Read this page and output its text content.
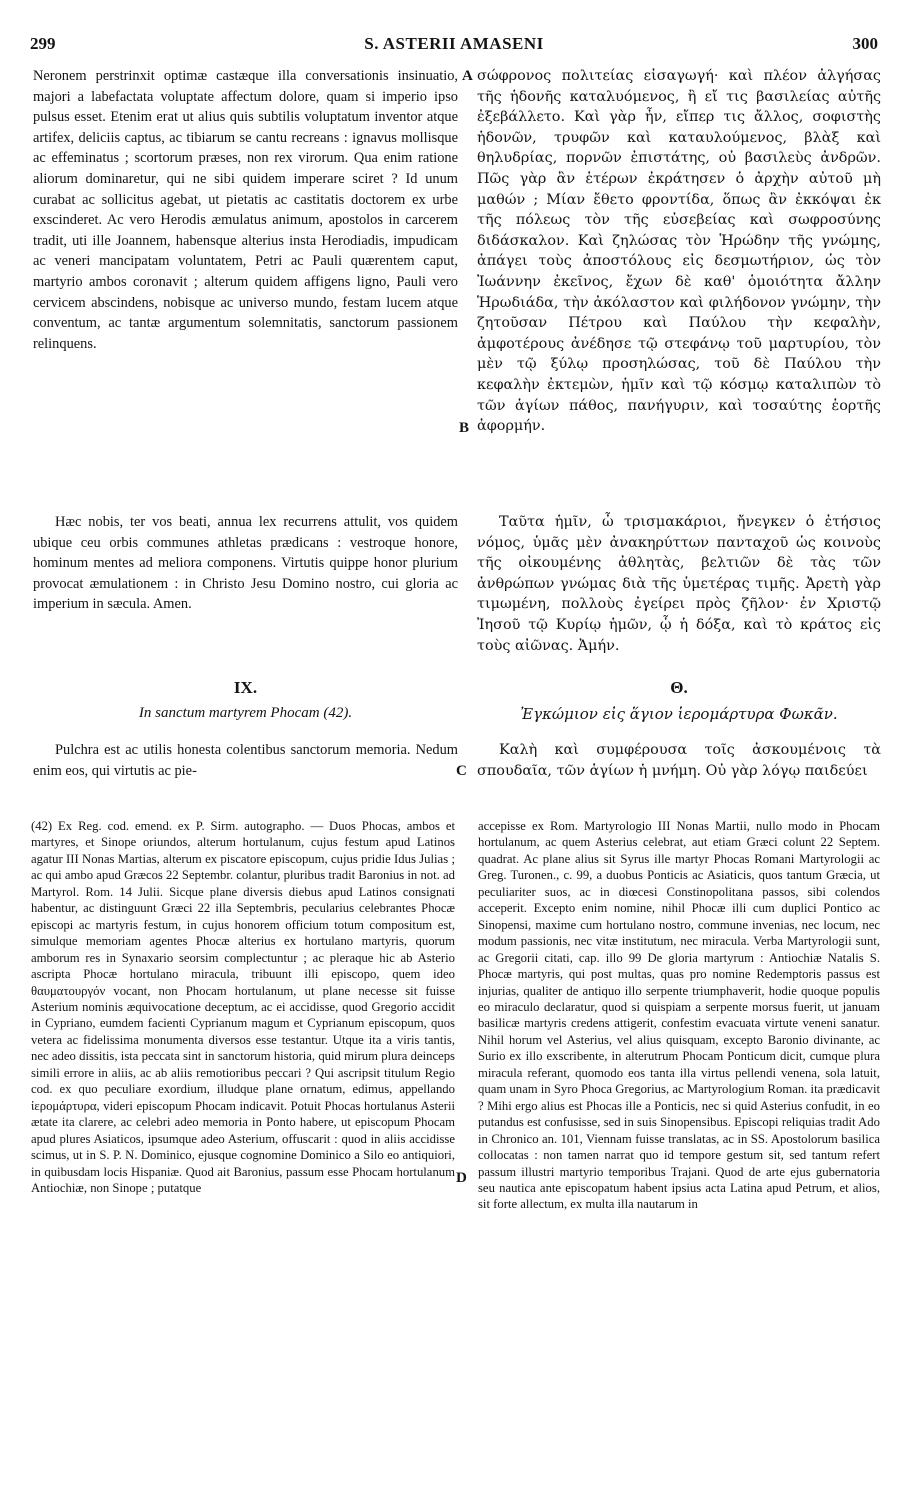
299	S. ASTERII AMASENI	300

Neronem perstrinxit optimæ castæque illa conversationis insinuatio, majori a labefactata voluptate affectum dolore, quam si imperio ipso pulsus esset. Etenim erat ut alius quis subtilis voluptatum inventor atque artifex, deliciis captus, ac tibiarum se cantu recreans : ignavus mollisque ac effeminatus ; scortorum præses, non rex virorum. Qua enim ratione aliorum dominaretur, qui ne sibi quidem imperare sciret ? Id unum curabat ac sollicitus agebat, ut pietatis ac castitatis doctorem ex urbe exscinderet. Ac vero Herodis æmulatus animum, apostolos in carcerem tradit, uti ille Joannem, habensque alterius insta Herodiadis, impudicam ac veneri mancipatam voluntatem, Petri ac Pauli quærentem caput, martyrio ambos coronavit ; alterum quidem affigens ligno, Pauli vero cervicem abscindens, nobisque ac universo mundo, festam lucem atque conventum, ac tantæ argumentum solemnitatis, sanctorum passionem relinquens.

Hæc nobis, ter vos beati, annua lex recurrens attulit, vos quidem ubique ceu orbis communes athletas prædicans : vestroque honore, hominum mentes ad meliora componens. Virtutis quippe honor plurium provocat æmulationem : in Christo Jesu Domino nostro, cui gloria ac imperium in sæcula. Amen.

IX.
In sanctum martyrem Phocam (42).

Pulchra est ac utilis honesta colentibus sanctorum memoria. Nedum enim eos, qui virtutis ac pie-

A
B
C
D

σώφρονος πολιτείας εἰσαγωγή· καὶ πλέον ἀλγήσας τῆς ἡδονῆς καταλυόμενος, ἢ εἴ τις βασιλείας αὐτῆς ἐξεβάλλετο. Καὶ γὰρ ἦν, εἴπερ τις ἄλλος, σοφιστὴς ἡδονῶν, τρυφῶν καὶ καταυλούμενος, βλὰξ καὶ θηλυδρίας, πορνῶν ἐπιστάτης, οὐ βασιλεὺς ἀνδρῶν. Πῶς γὰρ ἂν ἑτέρων ἐκράτησεν ὁ ἀρχὴν αὐτοῦ μὴ μαθών ; Μίαν ἔθετο φροντίδα, ὅπως ἂν ἐκκόψαι ἐκ τῆς πόλεως τὸν τῆς εὐσεβείας καὶ σωφροσύνης διδάσκαλον. Καὶ ζηλώσας τὸν Ἡρώδην τῆς γνώμης, ἀπάγει τοὺς ἀποστόλους εἰς δεσμωτήριον, ὡς τὸν Ἰωάννην ἐκεῖνος, ἔχων δὲ καθ' ὁμοιότητα ἄλλην Ἡρωδιάδα, τὴν ἀκόλαστον καὶ φιλήδονον γνώμην, τὴν ζητοῦσαν Πέτρου καὶ Παύλου τὴν κεφαλὴν, ἀμφοτέρους ἀνέδησε τῷ στεφάνῳ τοῦ μαρτυρίου, τὸν μὲν τῷ ξύλῳ προσηλώσας, τοῦ δὲ Παύλου τὴν κεφαλὴν ἐκτεμὼν, ἡμῖν καὶ τῷ κόσμῳ καταλιπὼν τὸ τῶν ἁγίων πάθος, πανήγυριν, καὶ τοσαύτης ἑορτῆς ἀφορμήν.

Ταῦτα ἡμῖν, ὦ τρισμακάριοι, ἤνεγκεν ὁ ἐτήσιος νόμος, ὑμᾶς μὲν ἀνακηρύττων πανταχοῦ ὡς κοινοὺς τῆς οἰκουμένης ἀθλητὰς, βελτιῶν δὲ τὰς τῶν ἀνθρώπων γνώμας διὰ τῆς ὑμετέρας τιμῆς. Ἀρετὴ γὰρ τιμωμένη, πολλοὺς ἐγείρει πρὸς ζῆλον· ἐν Χριστῷ Ἰησοῦ τῷ Κυρίῳ ἡμῶν, ᾧ ἡ δόξα, καὶ τὸ κράτος εἰς τοὺς αἰῶνας. Ἀμήν.

Θ.
Ἐγκώμιον εἰς ἅγιον ἱερομάρτυρα Φωκᾶν.

Καλὴ καὶ συμφέρουσα τοῖς ἀσκουμένοις τὰ σπουδαῖα, τῶν ἁγίων ἡ μνήμη. Οὐ γὰρ λόγῳ παιδεύει

(42) Ex Reg. cod. emend. ex P. Sirm. autographo. — Duos Phocas, ambos et martyres, et Sinope oriundos, alterum hortulanum, cujus festum apud Latinos agatur III Nonas Martias, alterum ex piscatore episcopum, cujus pridie Idus Julias ; ac qui ambo apud Græcos 22 Septembr. colantur, pluribus tradit Baronius in not. ad Martyrol. Rom. 14 Julii. Sicque plane diversis diebus apud Latinos consignati habentur, ac distinguunt Græci 22 illa Septembris, pecularius celebrantes Phocæ episcopi ac martyris festum, in cujus honorem officium totum compositum est, simulque memoriam agentes Phocæ alterius ex hortulano martyris, quorum amborum res in Synaxario seorsim complectuntur ; ac pleraque hic ab Asterio ascripta Phocæ hortulano miracula, tribuunt illi episcopo, quem ideo θαυματουργόν vocant, non Phocam hortulanum, ut plane necesse sit fuisse Asterium nominis æquivocatione deceptum, ac ei accidisse, quod Gregorio accidit in Cypriano, eumdem facienti Cyprianum magum et Cyprianum episcopum, quos vetera ac fidelissima monumenta diversos esse testantur. Utque ita a viris tantis, nec adeo dissitis, ista peccata sint in sanctorum historia, quid mirum plura deinceps simili errore in aliis, ac ab aliis remotioribus peccari ? Qui ascripsit titulum Regio cod. ex quo peculiare exordium, illudque plane ornatum, edimus, appellando ἱερομάρτυρα, videri episcopum Phocam indicavit. Potuit Phocas hortulanus Asterii ætate ita clarere, ac celebri adeo memoria in Ponto habere, ut episcopum Phocam apud plures Asiaticos, ipsumque adeo Asterium, offuscarit : quod in aliis accidisse scimus, ut in S. P. N. Dominico, ejusque cognomine Dominico a Silo eo antiquiori, in quibusdam locis Hispaniæ. Quod ait Baronius, passum esse Phocam hortulanum Antiochiæ, non Sinope ; putatque

accepisse ex Rom. Martyrologio III Nonas Martii, nullo modo in Phocam hortulanum, ac quem Asterius celebrat, aut etiam Græci colunt 22 Septem. quadrat. Ac plane alius sit Syrus ille martyr Phocas Romani Martyrologii ac Greg. Turonen., c. 99, a duobus Ponticis ac Asiaticis, quos tantum Græcia, ut peculiariter suos, ac in diœcesi Constinopolitana passos, sibi colendos acceperit. Excepto enim nomine, nihil Phocæ illi cum duplici Pontico ac Sinopensi, maxime cum hortulano nostro, commune invenias, nec locum, nec modum passionis, nec vitæ institutum, nec miracula. Verba Martyrologii sunt, ac Gregorii citati, cap. illo 99 De gloria martyrum : Antiochiæ Natalis S. Phocæ martyris, qui post multas, quas pro nomine Redemptoris passus est injurias, qualiter de antiquo illo serpente triumphaverit, hodie quoque populis eo miraculo declaratur, quod si quispiam a serpente morsus fuerit, ut januam basilicæ martyris credens attigerit, confestim evacuata virtute veneni sanatur. Nihil horum vel Asterius, vel alius quisquam, excepto Baronio divinante, ac Surio ex illo exscribente, in alterutrum Phocam Ponticum dicit, cumque plura miracula referant, quomodo eos tanta illa virtus pellendi venena, sola latuit, quam unam in Syro Phoca Gregorius, ac Martyrologium Roman. ita prædicavit ? Mihi ergo alius est Phocas ille a Ponticis, nec si quid Asterius confudit, in eo putandus est confusisse, sed in suis Sinopensibus. Episcopi reliquias tradit Ado in Chronico an. 101, Viennam fuisse translatas, ac in SS. Apostolorum basilica collocatas : non tamen narrat quo id tempore gestum sit, sed tantum refert passum illustri martyrio temporibus Trajani. Quod de arte ejus gubernatoria seu nautica ante episcopatum habent ipsius acta Latina apud Petrum, et alios, sit forte allectum, ex multa illa nautarum in
